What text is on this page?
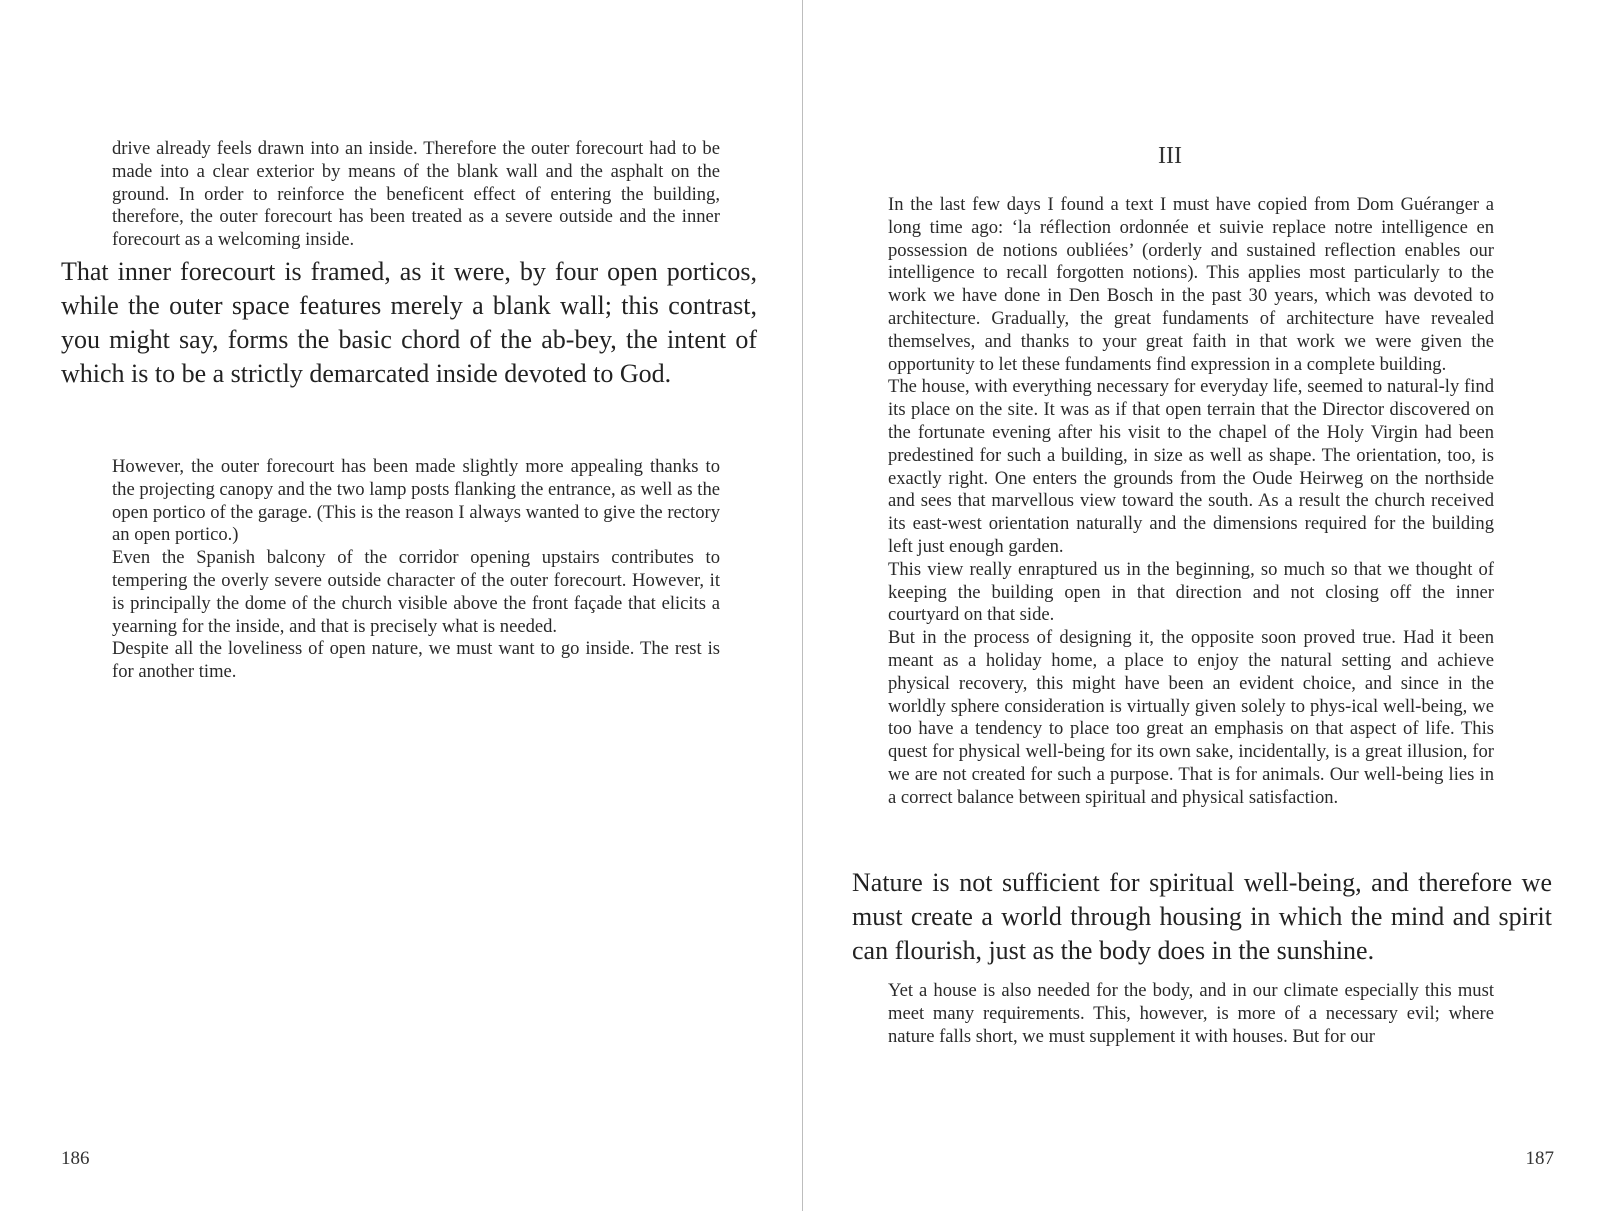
drive already feels drawn into an inside. Therefore the outer forecourt had to be made into a clear exterior by means of the blank wall and the asphalt on the ground. In order to reinforce the beneficent effect of entering the building, therefore, the outer forecourt has been treated as a severe outside and the inner forecourt as a welcoming inside.

That inner forecourt is framed, as it were, by four open porticos, while the outer space features merely a blank wall; this contrast, you might say, forms the basic chord of the ab-bey, the intent of which is to be a strictly demarcated inside devoted to God.

However, the outer forecourt has been made slightly more appealing thanks to the projecting canopy and the two lamp posts flanking the entrance, as well as the open portico of the garage. (This is the reason I always wanted to give the rectory an open portico.)

Even the Spanish balcony of the corridor opening upstairs contributes to tempering the overly severe outside character of the outer forecourt. However, it is principally the dome of the church visible above the front façade that elicits a yearning for the inside, and that is precisely what is needed.

Despite all the loveliness of open nature, we must want to go inside. The rest is for another time.

186
III

In the last few days I found a text I must have copied from Dom Guéranger a long time ago: ‘la réflection ordonnée et suivie replace notre intelligence en possession de notions oubliées’ (orderly and sustained reflection enables our intelligence to recall forgotten notions). This applies most particularly to the work we have done in Den Bosch in the past 30 years, which was devoted to architecture. Gradually, the great fundaments of architecture have revealed themselves, and thanks to your great faith in that work we were given the opportunity to let these fundaments find expression in a complete building.

The house, with everything necessary for everyday life, seemed to natural-ly find its place on the site. It was as if that open terrain that the Director discovered on the fortunate evening after his visit to the chapel of the Holy Virgin had been predestined for such a building, in size as well as shape. The orientation, too, is exactly right. One enters the grounds from the Oude Heirweg on the northside and sees that marvellous view toward the south. As a result the church received its east-west orientation naturally and the dimensions required for the building left just enough garden.

This view really enraptured us in the beginning, so much so that we thought of keeping the building open in that direction and not closing off the inner courtyard on that side.

But in the process of designing it, the opposite soon proved true. Had it been meant as a holiday home, a place to enjoy the natural setting and achieve physical recovery, this might have been an evident choice, and since in the worldly sphere consideration is virtually given solely to phys-ical well-being, we too have a tendency to place too great an emphasis on that aspect of life. This quest for physical well-being for its own sake, incidentally, is a great illusion, for we are not created for such a purpose. That is for animals. Our well-being lies in a correct balance between spiritual and physical satisfaction.

Nature is not sufficient for spiritual well-being, and therefore we must create a world through housing in which the mind and spirit can flourish, just as the body does in the sunshine.

Yet a house is also needed for the body, and in our climate especially this must meet many requirements. This, however, is more of a necessary evil; where nature falls short, we must supplement it with houses. But for our

187
